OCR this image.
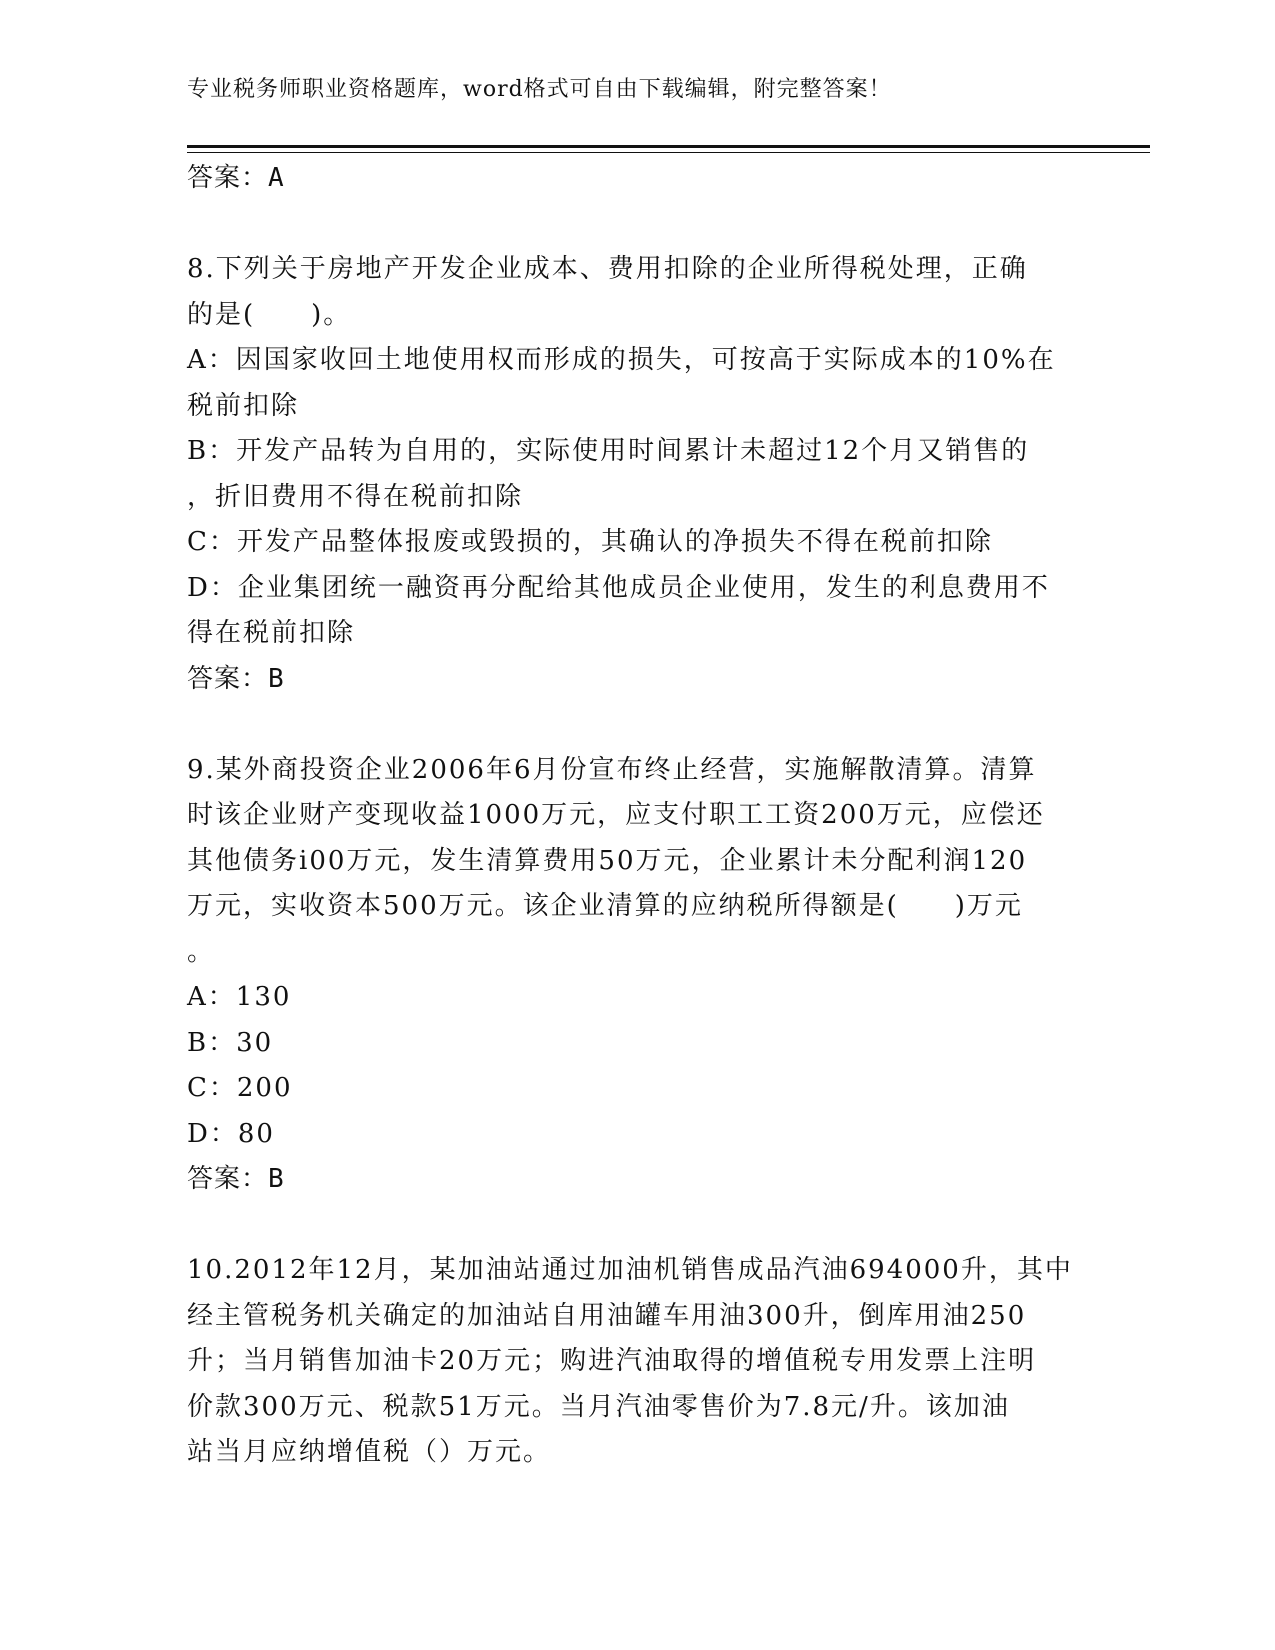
专业税务师职业资格题库，word格式可自由下载编辑，附完整答案！
答案：A
8.下列关于房地产开发企业成本、费用扣除的企业所得税处理，正确
的是(　　)。
A：因国家收回土地使用权而形成的损失，可按高于实际成本的10%在
税前扣除
B：开发产品转为自用的，实际使用时间累计未超过12个月又销售的
，折旧费用不得在税前扣除
C：开发产品整体报废或毁损的，其确认的净损失不得在税前扣除
D：企业集团统一融资再分配给其他成员企业使用，发生的利息费用不
得在税前扣除
答案：B
9.某外商投资企业2006年6月份宣布终止经营，实施解散清算。清算
时该企业财产变现收益1000万元，应支付职工工资200万元，应偿还
其他债务i00万元，发生清算费用50万元，企业累计未分配利润120
万元，实收资本500万元。该企业清算的应纳税所得额是(　　)万元
。
A：130
B：30
C：200
D：80
答案：B
10.2012年12月，某加油站通过加油机销售成品汽油694000升，其中
经主管税务机关确定的加油站自用油罐车用油300升，倒库用油250
升；当月销售加油卡20万元；购进汽油取得的增值税专用发票上注明
价款300万元、税款51万元。当月汽油零售价为7.8元/升。该加油
站当月应纳增值税（）万元。
